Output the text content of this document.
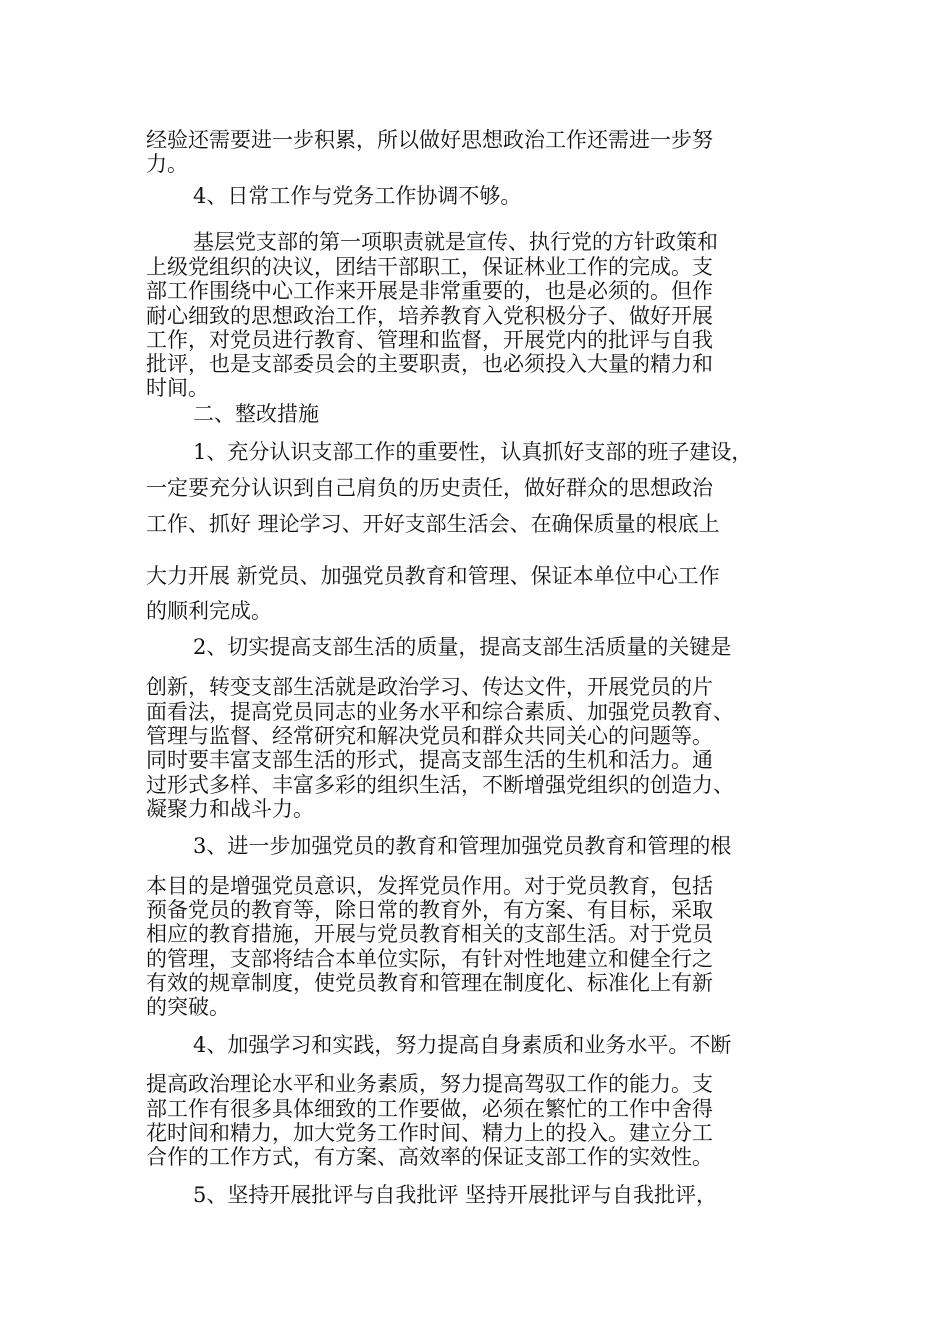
经验还需要进一步积累，所以做好思想政治工作还需进一步努
力。
4、日常工作与党务工作协调不够。
基层党支部的第一项职责就是宣传、执行党的方针政策和
上级党组织的决议，团结干部职工，保证林业工作的完成。支
部工作围绕中心工作来开展是非常重要的，也是必须的。但作
耐心细致的思想政治工作，培养教育入党积极分子、做好开展
工作，对党员进行教育、管理和监督，开展党内的批评与自我
批评，也是支部委员会的主要职责，也必须投入大量的精力和
时间。
二、整改措施
1、充分认识支部工作的重要性，认真抓好支部的班子建设，
一定要充分认识到自己肩负的历史责任，做好群众的思想政治
工作、抓好 理论学习、开好支部生活会、在确保质量的根底上
大力开展 新党员、加强党员教育和管理、保证本单位中心工作
的顺利完成。
2、切实提高支部生活的质量，提高支部生活质量的关键是
创新，转变支部生活就是政治学习、传达文件，开展党员的片
面看法，提高党员同志的业务水平和综合素质、加强党员教育、
管理与监督、经常研究和解决党员和群众共同关心的问题等。
同时要丰富支部生活的形式，提高支部生活的生机和活力。通
过形式多样、丰富多彩的组织生活，不断增强党组织的创造力、
凝聚力和战斗力。
3、进一步加强党员的教育和管理加强党员教育和管理的根
本目的是增强党员意识，发挥党员作用。对于党员教育，包括
预备党员的教育等，除日常的教育外，有方案、有目标，采取
相应的教育措施，开展与党员教育相关的支部生活。对于党员
的管理，支部将结合本单位实际，有针对性地建立和健全行之
有效的规章制度，使党员教育和管理在制度化、标准化上有新
的突破。
4、加强学习和实践，努力提高自身素质和业务水平。不断
提高政治理论水平和业务素质，努力提高驾驭工作的能力。支
部工作有很多具体细致的工作要做，必须在繁忙的工作中舍得
花时间和精力，加大党务工作时间、精力上的投入。建立分工
合作的工作方式，有方案、高效率的保证支部工作的实效性。
5、坚持开展批评与自我批评 坚持开展批评与自我批评，
